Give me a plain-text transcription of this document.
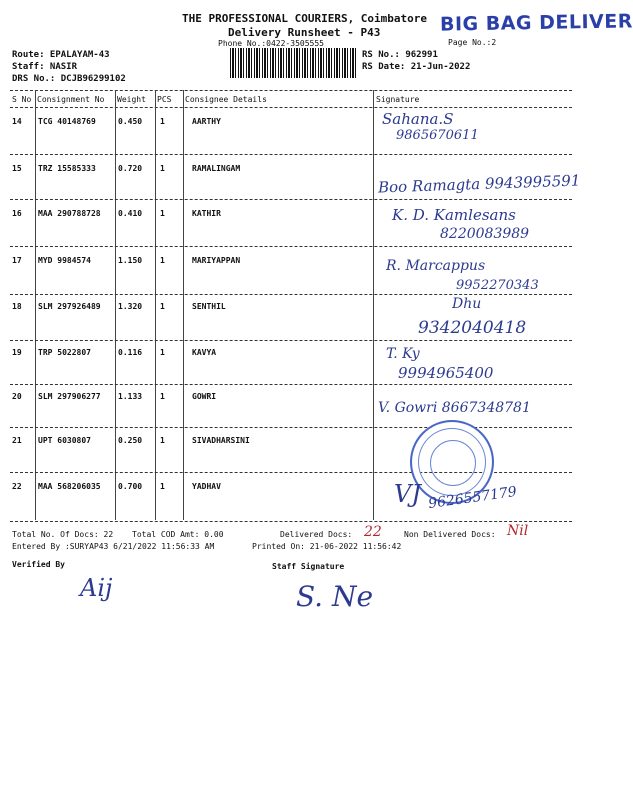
THE PROFESSIONAL COURIERS, Coimbatore BIG BAG DELIVER
Delivery Runsheet - P43
Page No.:2
Phone No.:0422-3505555
Route: EPALAYAM-43
Staff: NASIR
DRS No.: DCJB96299102
RS No.: 962991
RS Date: 21-Jun-2022
S No Consignment No Weight PCS Consignee Details	Signature
14 TCG 40148769	0.450 1	AARTHY	Sahana.S
9865670611
15 TRZ 15585333	0.720 1	RAMALINGAM
Boo Ramagta 9943995591
16 MAA 290788728 0.410 1	KATHIR	K. D. Kamlesans
8220083989
17 MYD 9984574	1.150 1	MARIYAPPAN	R. Marcappus
9952270343
18 SLM 297926489 1.320 1	SENTHIL	Dhu
9342040418
19 TRP 5022807	0.116 1	KAVYA	T. Ky
9994965400
20 SLM 297906277 1.133 1	GOWRI
V. Gowri 8667348781
21 UPT 6030807	0.250 1	SIVADHARSINI
22 MAA 568206035 0.700 1	YADHAV	VJ 9626557179
Total No. Of Docs: 22 Total COD Amt: 0.00	Delivered Docs: 22	Non Delivered Docs: Nil
Entered By :SURYAP43 6/21/2022 11:56:33 AM	Printed On: 21-06-2022 11:56:42
Verified By	Staff Signature
Aij	S. Ne
